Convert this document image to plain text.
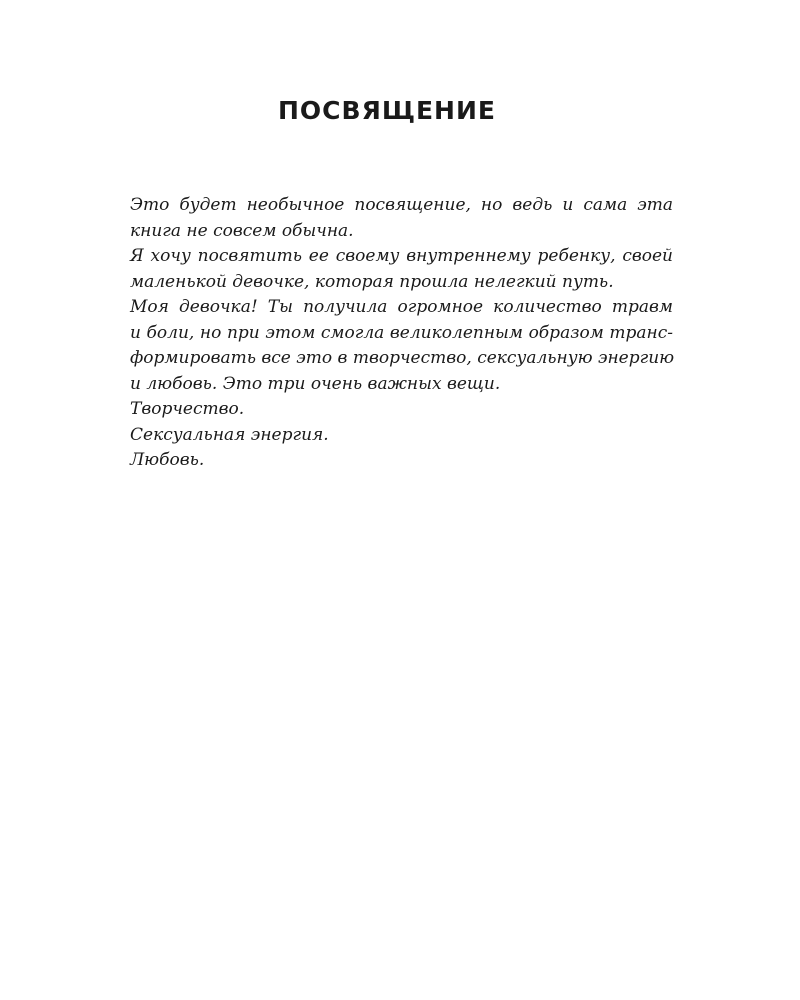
ПОСВЯЩЕНИЕ

Это будет необычное посвящение, но ведь и сама эта
книга не совсем обычна.

Я хочу посвятить ее своему внутреннему ребенку, своей
маленькой девочке, которая прошла нелегкий путь.

Моя девочка! Ты получила огромное количество травм
и боли, но при этом смогла великолепным образом транс-
формировать все это в творчество, сексуальную энергию
и любовь. Это три очень важных вещи.

Творчество.

Сексуальная энергия.

Любовь.
